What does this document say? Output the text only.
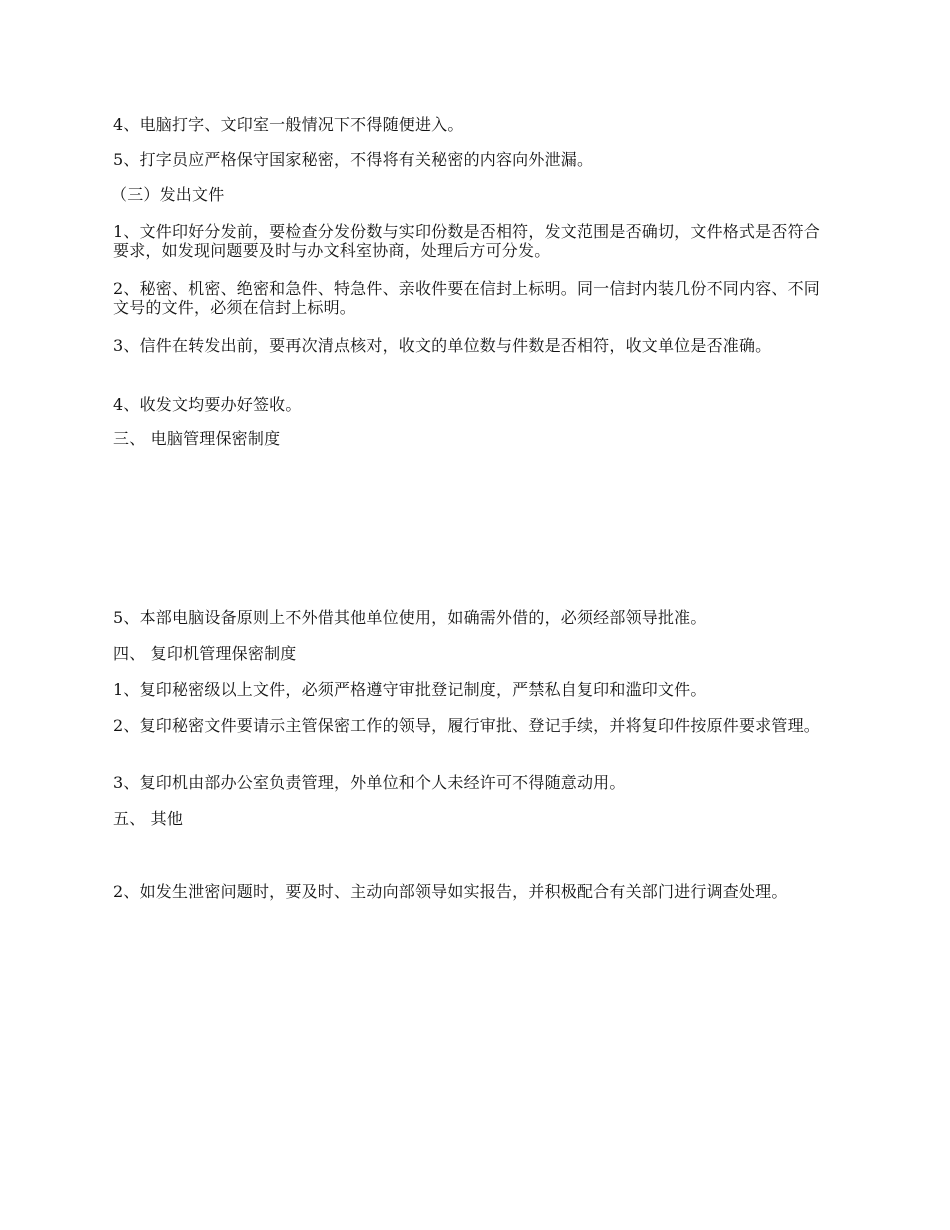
4、电脑打字、文印室一般情况下不得随便进入。

5、打字员应严格保守国家秘密，不得将有关秘密的内容向外泄漏。

（三）发出文件

1、文件印好分发前，要检查分发份数与实印份数是否相符，发文范围是否确切，文件格式是否符合要求，如发现问题要及时与办文科室协商，处理后方可分发。

2、秘密、机密、绝密和急件、特急件、亲收件要在信封上标明。同一信封内装几份不同内容、不同文号的文件，必须在信封上标明。

3、信件在转发出前，要再次清点核对，收文的单位数与件数是否相符，收文单位是否准确。

4、收发文均要办好签收。

三、 电脑管理保密制度

5、本部电脑设备原则上不外借其他单位使用，如确需外借的，必须经部领导批准。

四、 复印机管理保密制度

1、复印秘密级以上文件，必须严格遵守审批登记制度，严禁私自复印和滥印文件。

2、复印秘密文件要请示主管保密工作的领导，履行审批、登记手续，并将复印件按原件要求管理。

3、复印机由部办公室负责管理，外单位和个人未经许可不得随意动用。

五、 其他

2、如发生泄密问题时，要及时、主动向部领导如实报告，并积极配合有关部门进行调查处理。
